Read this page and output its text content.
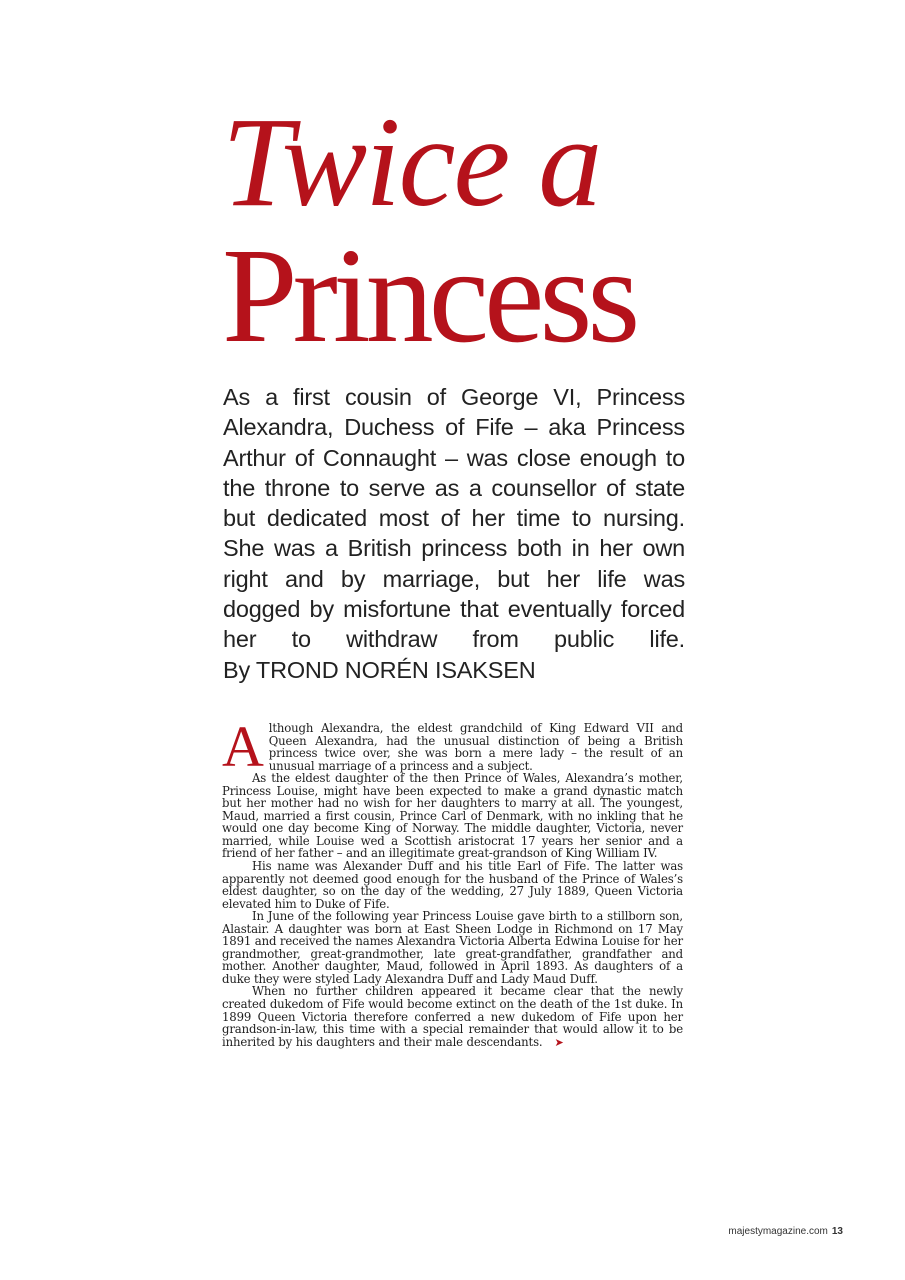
Twice a
Princess

As a first cousin of George VI, Princess Alexandra, Duchess of Fife – aka Princess Arthur of Connaught – was close enough to the throne to serve as a counsellor of state but dedicated most of her time to nursing. She was a British princess both in her own right and by marriage, but her life was dogged by misfortune that eventually forced her to withdraw from public life.

By TROND NORÉN ISAKSEN

Although Alexandra, the eldest grandchild of King Edward VII and Queen Alexandra, had the unusual distinction of being a British princess twice over, she was born a mere lady – the result of an unusual marriage of a princess and a subject.

As the eldest daughter of the then Prince of Wales, Alexandra’s mother, Princess Louise, might have been expected to make a grand dynastic match but her mother had no wish for her daughters to marry at all. The youngest, Maud, married a first cousin, Prince Carl of Denmark, with no inkling that he would one day become King of Norway. The middle daughter, Victoria, never married, while Louise wed a Scottish aristocrat 17 years her senior and a friend of her father – and an illegitimate great-grandson of King William IV.

His name was Alexander Duff and his title Earl of Fife. The latter was apparently not deemed good enough for the husband of the Prince of Wales’s eldest daughter, so on the day of the wedding, 27 July 1889, Queen Victoria elevated him to Duke of Fife.

In June of the following year Princess Louise gave birth to a stillborn son, Alastair. A daughter was born at East Sheen Lodge in Richmond on 17 May 1891 and received the names Alexandra Victoria Alberta Edwina Louise for her grandmother, great-grandmother, late great-grandfather, grandfather and mother. Another daughter, Maud, followed in April 1893. As daughters of a duke they were styled Lady Alexandra Duff and Lady Maud Duff.

When no further children appeared it became clear that the newly created dukedom of Fife would become extinct on the death of the 1st duke. In 1899 Queen Victoria therefore conferred a new dukedom of Fife upon her grandson-in-law, this time with a special remainder that would allow it to be inherited by his daughters and their male descendants. ➤

majestymagazine.com 13
